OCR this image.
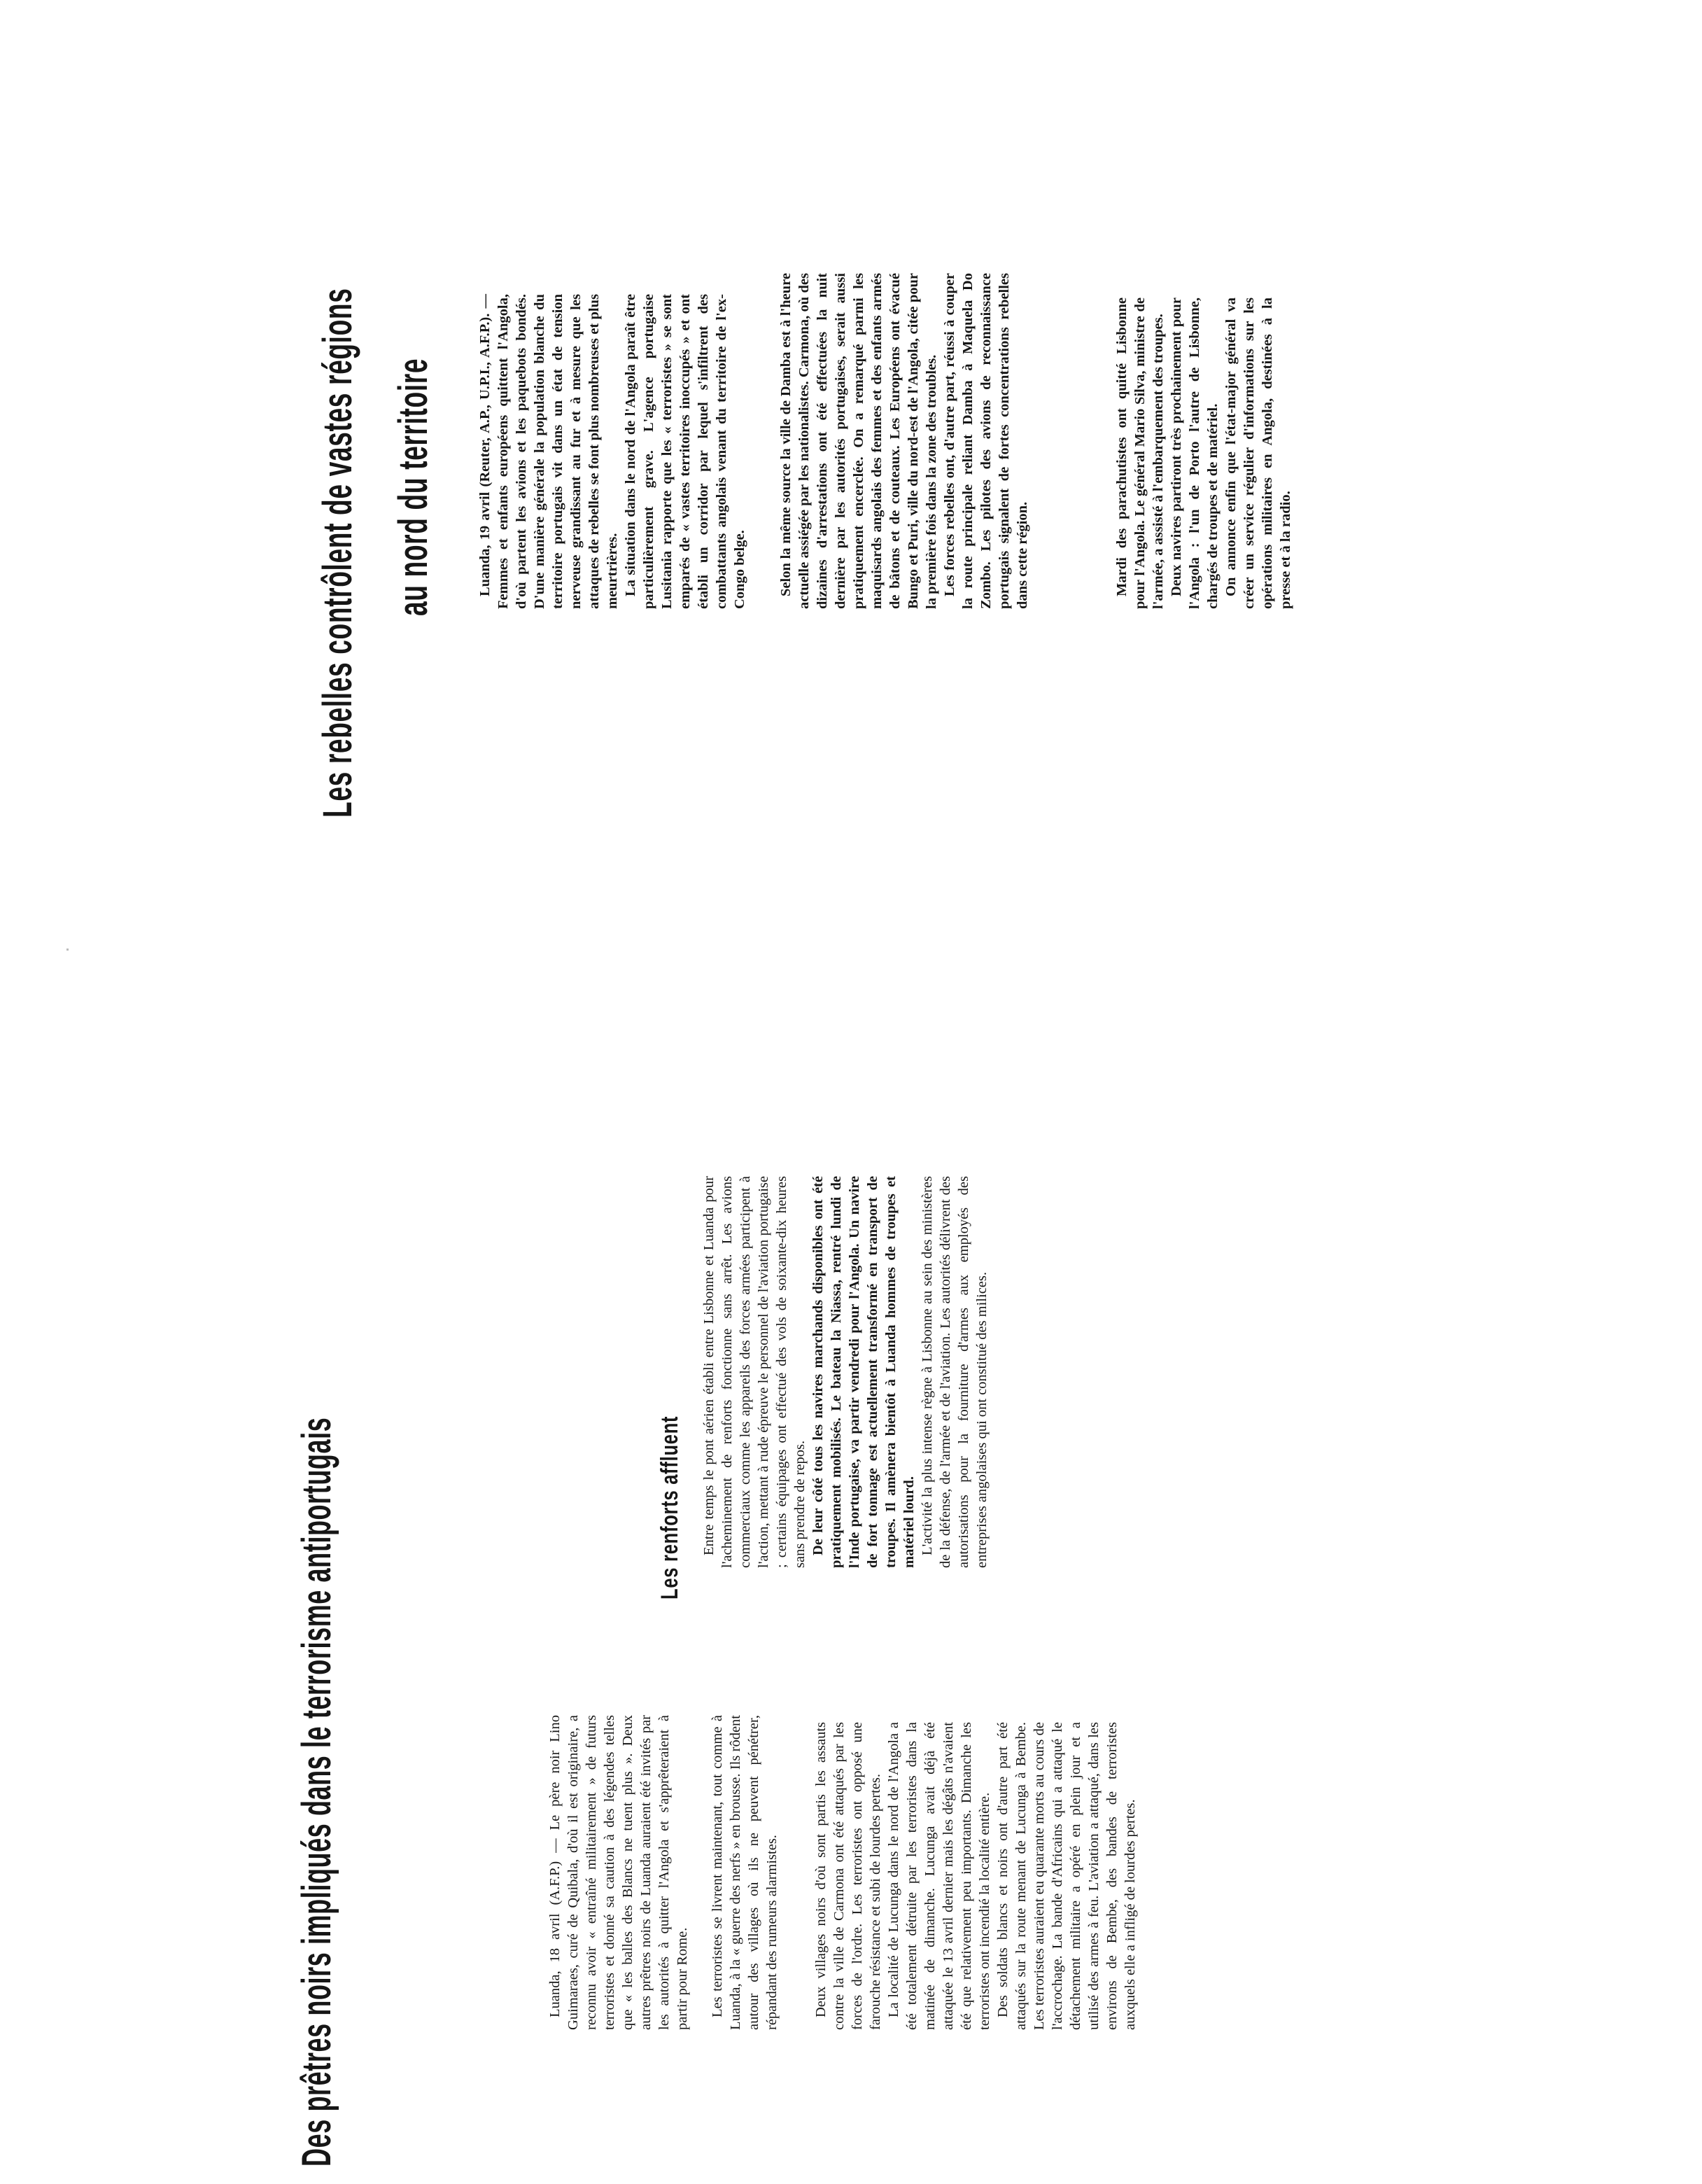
Des prêtres noirs impliqués dans le terrorisme antiportugais	Luanda, 18 avril (A.F.P.) — Le père noir Lino Guimaraes, curé de Quibala, d'où il est originaire, a reconnu avoir « entraîné militairement » de futurs terroristes et donné sa caution à des légendes telles que « les balles des Blancs ne tuent plus ». Deux autres prêtres noirs de Luanda auraient été invités par les autorités à quitter l'Angola et s'apprêteraient à partir pour Rome. Les terroristes se livrent maintenant, tout comme à Luanda, à la « guerre des nerfs » en brousse. Ils rôdent autour des villages où ils ne peuvent pénétrer, répandant des rumeurs alarmistes. Deux villages noirs d'où sont partis les assauts contre la ville de Carmona ont été attaqués par les forces de l'ordre. Les terroristes ont opposé une farouche résistance et subi de lourdes pertes. La localité de Lucunga dans le nord de l'Angola a été totalement détruite par les terroristes dans la matinée de dimanche. Lucunga avait déjà été attaquée le 13 avril dernier mais les dégâts n'avaient été que relativement peu importants. Dimanche les terroristes ont incendié la localité entière. Des soldats blancs et noirs ont d'autre part été attaqués sur la route menant de Lucunga à Bembe. Les terroristes auraient eu quarante morts au cours de l'accrochage. La bande d'Africains qui a attaqué le détachement militaire a opéré en plein jour et a utilisé des armes à feu. L'aviation a attaqué, dans les environs de Bembe, des bandes de terroristes auxquels elle a infligé de lourdes pertes.

Les renforts affluent Entre temps le pont aérien établi entre Lisbonne et Luanda pour l'acheminement de renforts fonctionne sans arrêt. Les avions commerciaux comme les appareils des forces armées participent à l'action, mettant à rude épreuve le personnel de l'aviation portugaise ; certains équipages ont effectué des vols de soixante-dix heures sans prendre de repos. De leur côté tous les navires marchands disponibles ont été pratiquement mobilisés. Le bateau la Niassa, rentré lundi de l'Inde portugaise, va partir vendredi pour l'Angola. Un navire de fort tonnage est actuellement transformé en transport de troupes. Il amènera bientôt à Luanda hommes de troupes et matériel lourd. L'activité la plus intense règne à Lisbonne au sein des ministères de la défense, de l'armée et de l'aviation. Les autorités délivrent des autorisations pour la fourniture d'armes aux employés des entreprises angolaises qui ont constitué des milices.

Les rebelles contrôlent de vastes régions au nord du territoire	Luanda, 19 avril (Reuter, A.P., U.P.I., A.F.P.). — Femmes et enfants européens quittent l'Angola, d'où partent les avions et les paquebots bondés. D'une manière générale la population blanche du territoire portugais vit dans un état de tension nerveuse grandissant au fur et à mesure que les attaques de rebelles se font plus nombreuses et plus meurtrières. La situation dans le nord de l'Angola paraît être particulièrement grave. L'agence portugaise Lusitania rapporte que les « terroristes » se sont emparés de « vastes territoires inoccupés » et ont établi un corridor par lequel s'infiltrent des combattants angolais venant du territoire de l'ex-Congo belge. Selon la même source la ville de Damba est à l'heure actuelle assiégée par les nationalistes. Carmona, où des dizaines d'arrestations ont été effectuées la nuit dernière par les autorités portugaises, serait aussi pratiquement encerclée. On a remarqué parmi les maquisards angolais des femmes et des enfants armés de bâtons et de couteaux. Les Européens ont évacué Bungo et Puri, ville du nord-est de l'Angola, citée pour la première fois dans la zone des troubles. Les forces rebelles ont, d'autre part, réussi à couper la route principale reliant Damba à Maquela Do Zombo. Les pilotes des avions de reconnaissance portugais signalent de fortes concentrations rebelles dans cette région.	Mardi des parachutistes ont quitté Lisbonne pour l'Angola. Le général Mario Silva, ministre de l'armée, a assisté à l'embarquement des troupes. Deux navires partiront très prochainement pour l'Angola : l'un de Porto l'autre de Lisbonne, chargés de troupes et de matériel. On annonce enfin que l'état-major général va créer un service régulier d'informations sur les opérations militaires en Angola, destinées à la presse et à la radio.
